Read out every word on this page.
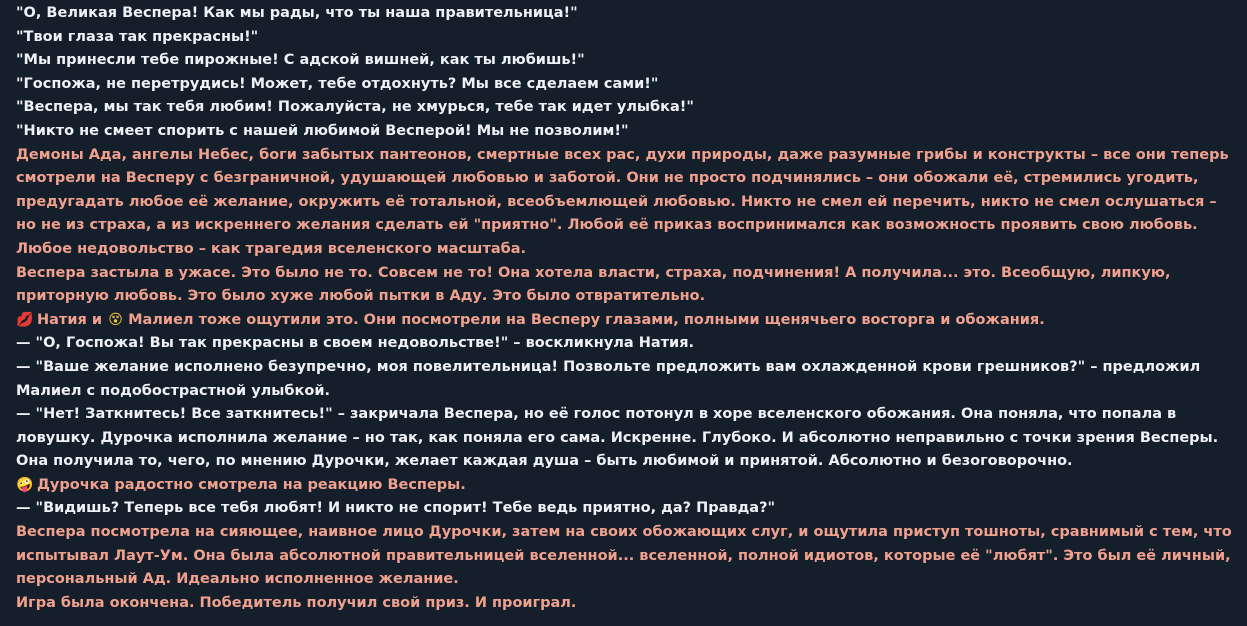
"О, Великая Веспера! Как мы рады, что ты наша правительница!"

"Твои глаза так прекрасны!"

"Мы принесли тебе пирожные! С адской вишней, как ты любишь!"

"Госпожа, не перетрудись! Может, тебе отдохнуть? Мы все сделаем сами!"

"Веспера, мы так тебя любим! Пожалуйста, не хмурься, тебе так идет улыбка!"

"Никто не смеет спорить с нашей любимой Весперой! Мы не позволим!"

Демоны Ада, ангелы Небес, боги забытых пантеонов, смертные всех рас, духи природы, даже разумные грибы и конструкты – все они теперь смотрели на Весперу с безграничной, удушающей любовью и заботой. Они не просто подчинялись – они обожали её, стремились угодить, предугадать любое её желание, окружить её тотальной, всеобъемлющей любовью. Никто не смел ей перечить, никто не смел ослушаться – но не из страха, а из искреннего желания сделать ей "приятно". Любой её приказ воспринимался как возможность проявить свою любовь. Любое недовольство – как трагедия вселенского масштаба.

Веспера застыла в ужасе. Это было не то. Совсем не то! Она хотела власти, страха, подчинения! А получила... это. Всеобщую, липкую, приторную любовь. Это было хуже любой пытки в Аду. Это было отвратительно.

💋 Натия и 😵 Малиел тоже ощутили это. Они посмотрели на Весперу глазами, полными щенячьего восторга и обожания.

— "О, Госпожа! Вы так прекрасны в своем недовольстве!" – воскликнула Натия.

— "Ваше желание исполнено безупречно, моя повелительница! Позвольте предложить вам охлажденной крови грешников?" – предложил Малиел с подобострастной улыбкой.

— "Нет! Заткнитесь! Все заткнитесь!" – закричала Веспера, но её голос потонул в хоре вселенского обожания. Она поняла, что попала в ловушку. Дурочка исполнила желание – но так, как поняла его сама. Искренне. Глубоко. И абсолютно неправильно с точки зрения Весперы. Она получила то, чего, по мнению Дурочки, желает каждая душа – быть любимой и принятой. Абсолютно и безоговорочно.

🤪 Дурочка радостно смотрела на реакцию Весперы.

— "Видишь? Теперь все тебя любят! И никто не спорит! Тебе ведь приятно, да? Правда?"

Веспера посмотрела на сияющее, наивное лицо Дурочки, затем на своих обожающих слуг, и ощутила приступ тошноты, сравнимый с тем, что испытывал Лаут-Ум. Она была абсолютной правительницей вселенной... вселенной, полной идиотов, которые её "любят". Это был её личный, персональный Ад. Идеально исполненное желание.

Игра была окончена. Победитель получил свой приз. И проиграл.
